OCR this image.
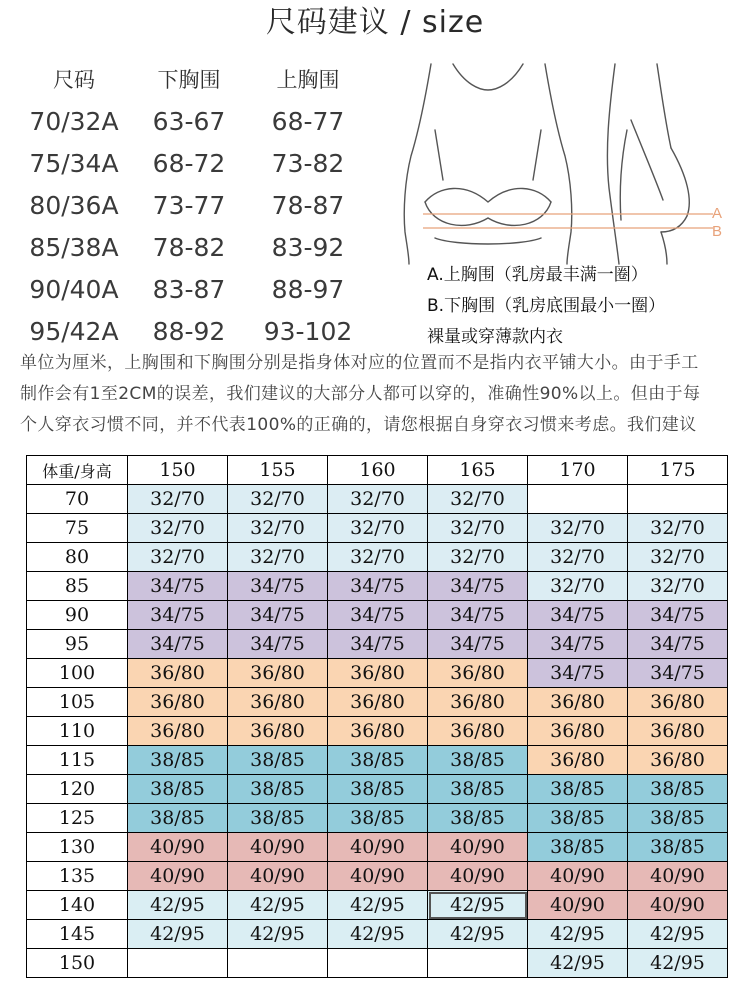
尺码建议 / size
尺码	下胸围	上胸围
70/32A	63-67	68-77
75/34A	68-72	73-82
80/36A	73-77	78-87
85/38A	78-82	83-92
90/40A	83-87	88-97
95/42A	88-92	93-102
A
B
A.上胸围（乳房最丰满一圈）
B.下胸围（乳房底围最小一圈）
裸量或穿薄款内衣
单位为厘米，上胸围和下胸围分别是指身体对应的位置而不是指内衣平铺大小。由于手工
制作会有1至2CM的误差，我们建议的大部分人都可以穿的，准确性90%以上。但由于每
个人穿衣习惯不同，并不代表100%的正确的，请您根据自身穿衣习惯来考虑。我们建议
体重/身高	150	155	160	165	170	175
70	32/70	32/70	32/70	32/70		
75	32/70	32/70	32/70	32/70	32/70	32/70
80	32/70	32/70	32/70	32/70	32/70	32/70
85	34/75	34/75	34/75	34/75	32/70	32/70
90	34/75	34/75	34/75	34/75	34/75	34/75
95	34/75	34/75	34/75	34/75	34/75	34/75
100	36/80	36/80	36/80	36/80	34/75	34/75
105	36/80	36/80	36/80	36/80	36/80	36/80
110	36/80	36/80	36/80	36/80	36/80	36/80
115	38/85	38/85	38/85	38/85	36/80	36/80
120	38/85	38/85	38/85	38/85	38/85	38/85
125	38/85	38/85	38/85	38/85	38/85	38/85
130	40/90	40/90	40/90	40/90	38/85	38/85
135	40/90	40/90	40/90	40/90	40/90	40/90
140	42/95	42/95	42/95	42/95	40/90	40/90
145	42/95	42/95	42/95	42/95	42/95	42/95
150					42/95	42/95
